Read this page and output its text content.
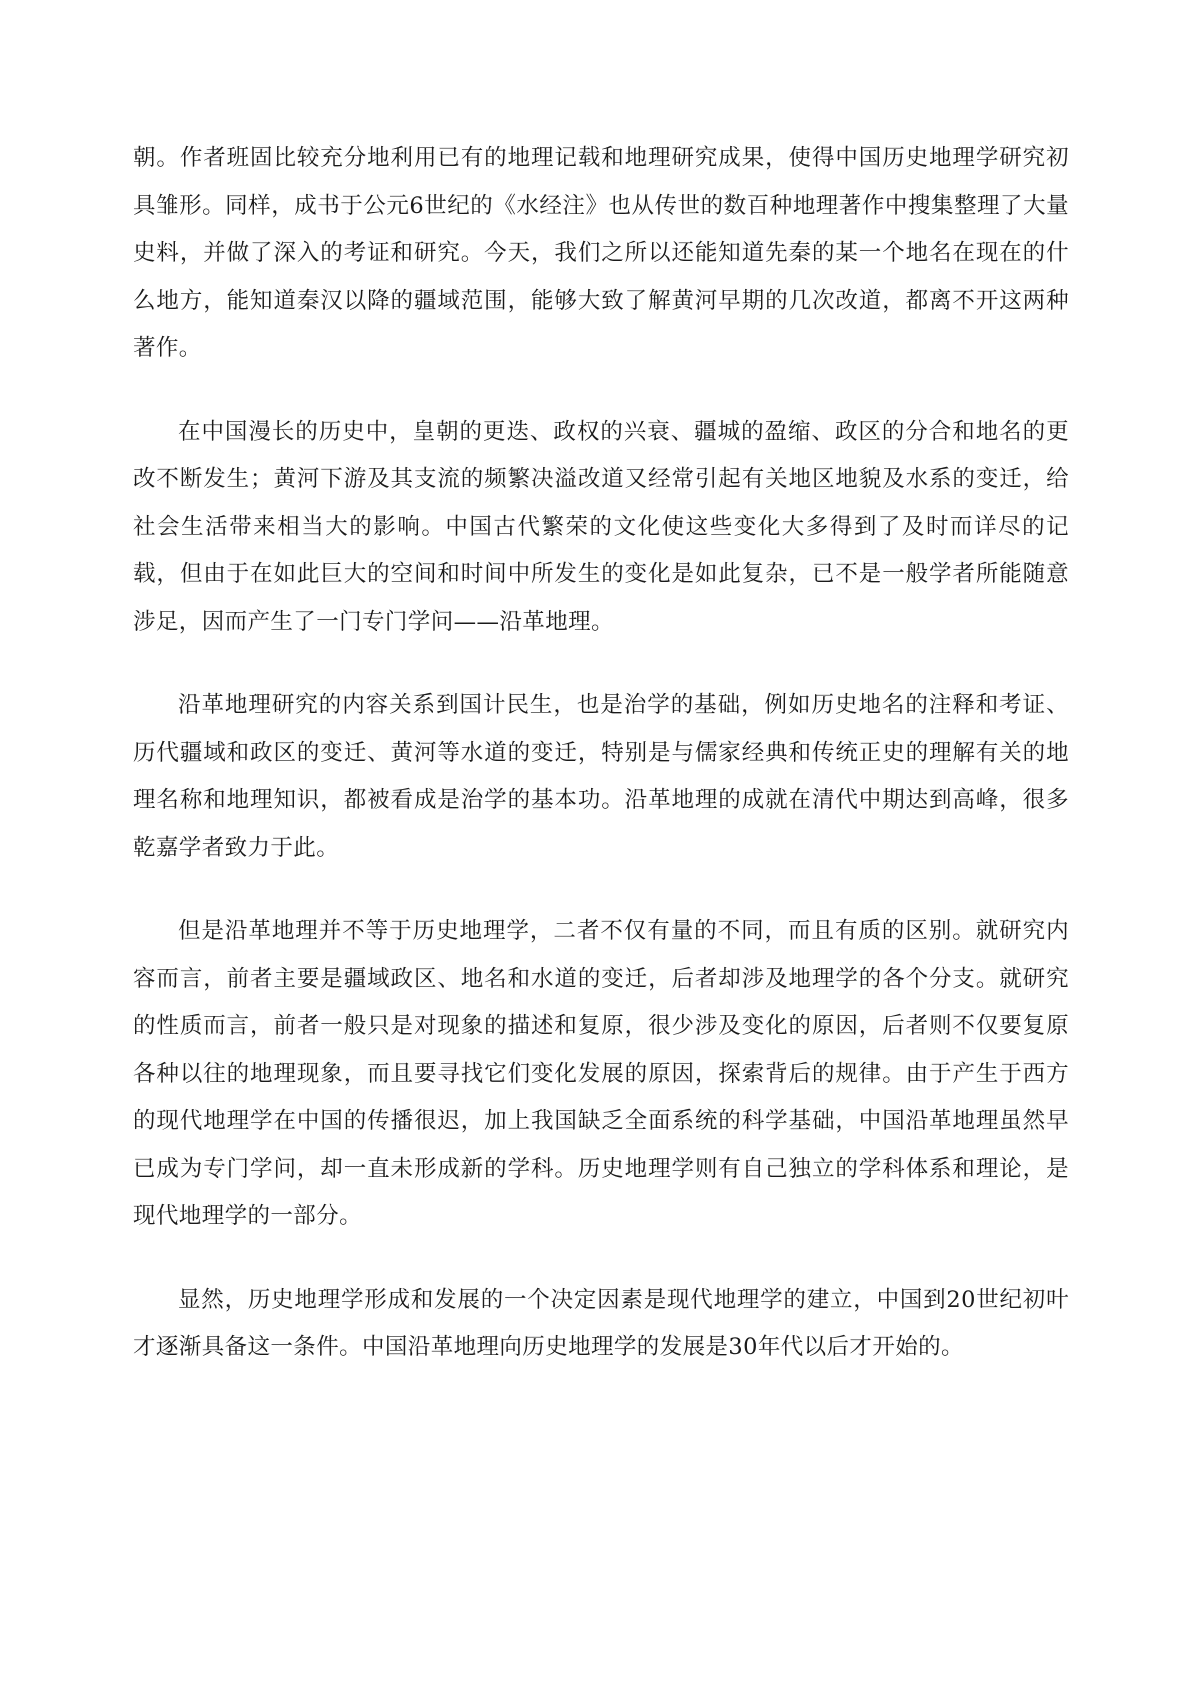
朝。作者班固比较充分地利用已有的地理记载和地理研究成果，使得中国历史地理学研究初具雏形。同样，成书于公元6世纪的《水经注》也从传世的数百种地理著作中搜集整理了大量史料，并做了深入的考证和研究。今天，我们之所以还能知道先秦的某一个地名在现在的什么地方，能知道秦汉以降的疆域范围，能够大致了解黄河早期的几次改道，都离不开这两种著作。

在中国漫长的历史中，皇朝的更迭、政权的兴衰、疆城的盈缩、政区的分合和地名的更改不断发生；黄河下游及其支流的频繁决溢改道又经常引起有关地区地貌及水系的变迁，给社会生活带来相当大的影响。中国古代繁荣的文化使这些变化大多得到了及时而详尽的记载，但由于在如此巨大的空间和时间中所发生的变化是如此复杂，已不是一般学者所能随意涉足，因而产生了一门专门学问——沿革地理。

沿革地理研究的内容关系到国计民生，也是治学的基础，例如历史地名的注释和考证、历代疆域和政区的变迁、黄河等水道的变迁，特别是与儒家经典和传统正史的理解有关的地理名称和地理知识，都被看成是治学的基本功。沿革地理的成就在清代中期达到高峰，很多乾嘉学者致力于此。

但是沿革地理并不等于历史地理学，二者不仅有量的不同，而且有质的区别。就研究内容而言，前者主要是疆域政区、地名和水道的变迁，后者却涉及地理学的各个分支。就研究的性质而言，前者一般只是对现象的描述和复原，很少涉及变化的原因，后者则不仅要复原各种以往的地理现象，而且要寻找它们变化发展的原因，探索背后的规律。由于产生于西方的现代地理学在中国的传播很迟，加上我国缺乏全面系统的科学基础，中国沿革地理虽然早已成为专门学问，却一直未形成新的学科。历史地理学则有自己独立的学科体系和理论，是现代地理学的一部分。

显然，历史地理学形成和发展的一个决定因素是现代地理学的建立，中国到20世纪初叶才逐渐具备这一条件。中国沿革地理向历史地理学的发展是30年代以后才开始的。
